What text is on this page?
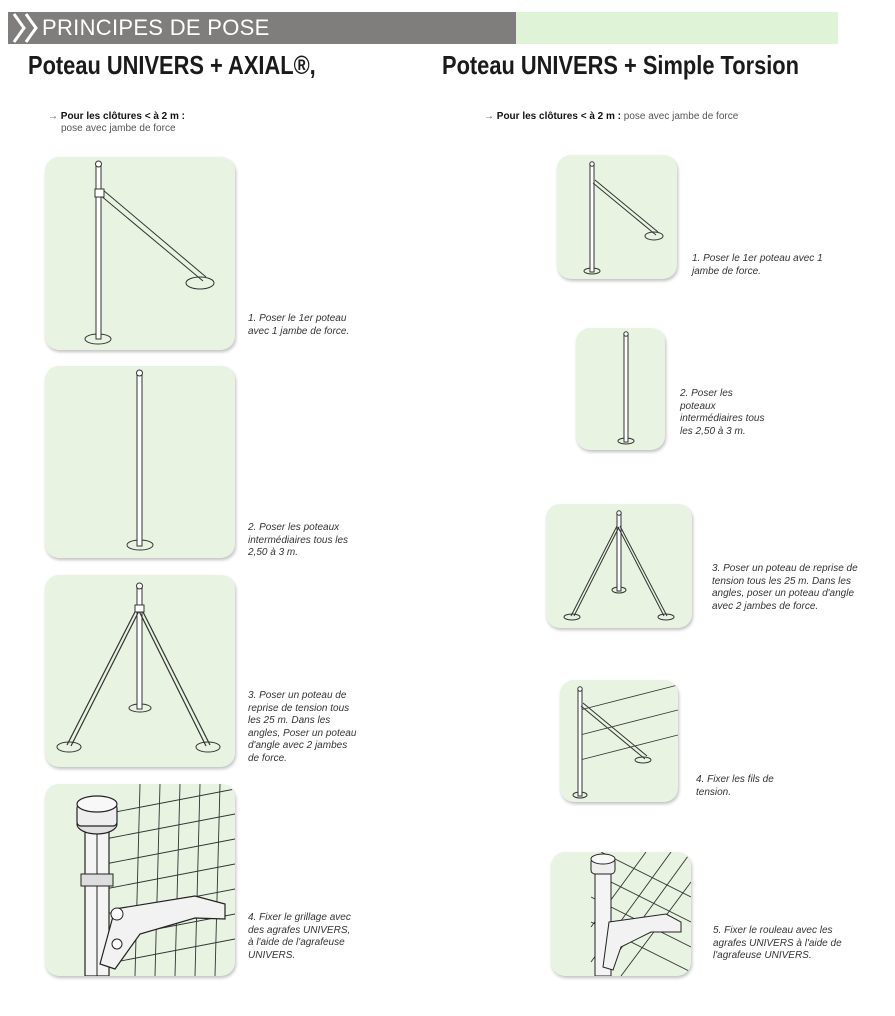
PRINCIPES DE POSE
Poteau UNIVERS + AXIAL®,	Poteau UNIVERS + Simple Torsion
→ Pour les clôtures < à 2 m :
pose avec jambe de force
→ Pour les clôtures < à 2 m : pose avec jambe de force
1. Poser le 1er poteau avec 1 jambe de force.
2. Poser les poteaux intermédiaires tous les 2,50 à 3 m.
3. Poser un poteau de reprise de tension tous les 25 m. Dans les angles, Poser un poteau d'angle avec 2 jambes de force.
4. Fixer le grillage avec des agrafes UNIVERS, à l'aide de l'agrafeuse UNIVERS.
1. Poser le 1er poteau avec 1 jambe de force.
2. Poser les poteaux intermédiaires tous les 2,50 à 3 m.
3. Poser un poteau de reprise de tension tous les 25 m. Dans les angles, poser un poteau d'angle avec 2 jambes de force.
4. Fixer les fils de tension.
5. Fixer le rouleau avec les agrafes UNIVERS à l'aide de l'agrafeuse UNIVERS.
